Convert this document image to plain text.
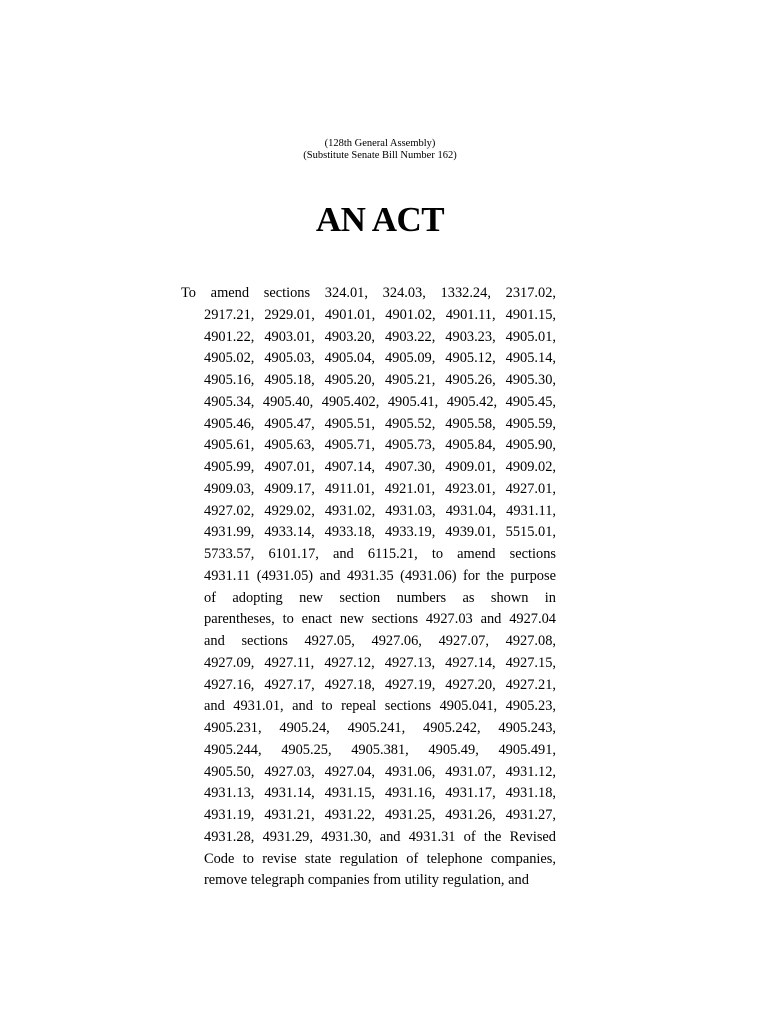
(128th General Assembly)
(Substitute Senate Bill Number 162)
AN ACT
To amend sections 324.01, 324.03, 1332.24, 2317.02,
2917.21, 2929.01, 4901.01, 4901.02, 4901.11, 4901.15,
4901.22, 4903.01, 4903.20, 4903.22, 4903.23, 4905.01,
4905.02, 4905.03, 4905.04, 4905.09, 4905.12, 4905.14,
4905.16, 4905.18, 4905.20, 4905.21, 4905.26, 4905.30,
4905.34, 4905.40, 4905.402, 4905.41, 4905.42, 4905.45,
4905.46, 4905.47, 4905.51, 4905.52, 4905.58, 4905.59,
4905.61, 4905.63, 4905.71, 4905.73, 4905.84, 4905.90,
4905.99, 4907.01, 4907.14, 4907.30, 4909.01, 4909.02,
4909.03, 4909.17, 4911.01, 4921.01, 4923.01, 4927.01,
4927.02, 4929.02, 4931.02, 4931.03, 4931.04, 4931.11,
4931.99, 4933.14, 4933.18, 4933.19, 4939.01, 5515.01,
5733.57, 6101.17, and 6115.21, to amend sections
4931.11 (4931.05) and 4931.35 (4931.06) for the purpose
of adopting new section numbers as shown in
parentheses, to enact new sections 4927.03 and 4927.04
and sections 4927.05, 4927.06, 4927.07, 4927.08,
4927.09, 4927.11, 4927.12, 4927.13, 4927.14, 4927.15,
4927.16, 4927.17, 4927.18, 4927.19, 4927.20, 4927.21,
and 4931.01, and to repeal sections 4905.041, 4905.23,
4905.231, 4905.24, 4905.241, 4905.242, 4905.243,
4905.244, 4905.25, 4905.381, 4905.49, 4905.491,
4905.50, 4927.03, 4927.04, 4931.06, 4931.07, 4931.12,
4931.13, 4931.14, 4931.15, 4931.16, 4931.17, 4931.18,
4931.19, 4931.21, 4931.22, 4931.25, 4931.26, 4931.27,
4931.28, 4931.29, 4931.30, and 4931.31 of the Revised
Code to revise state regulation of telephone companies,
remove telegraph companies from utility regulation, and
